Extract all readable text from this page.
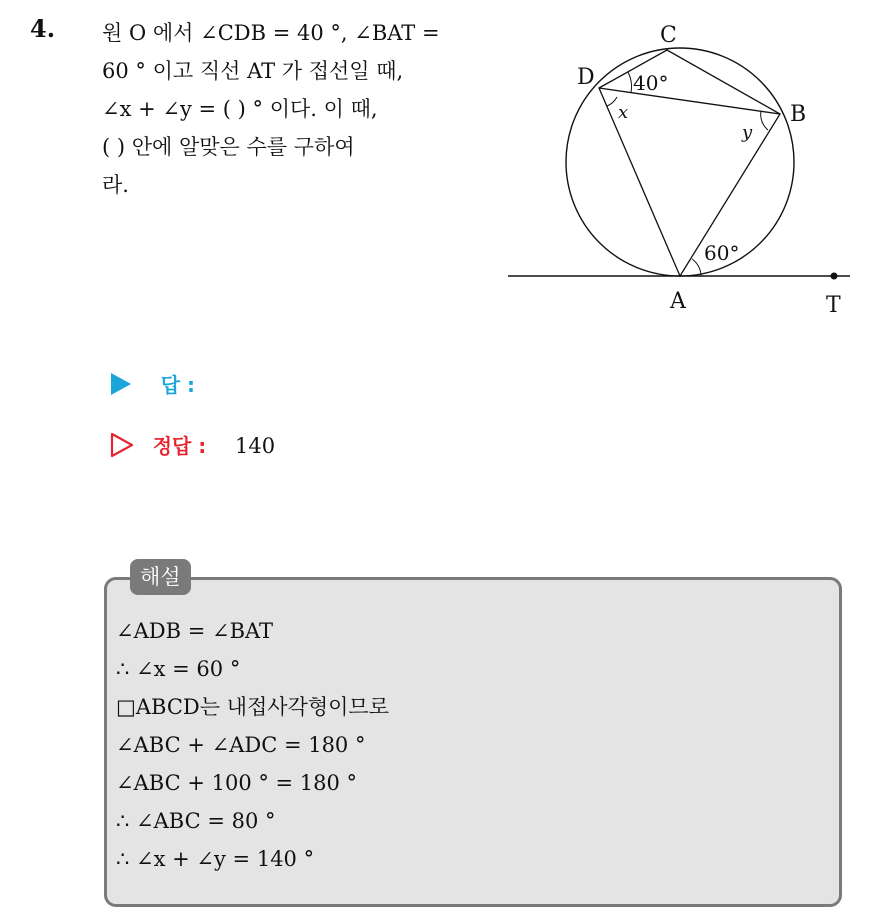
4. 원 O 에서 ∠CDB = 40 °, ∠BAT =
60 ° 이고 직선 AT 가 접선일 때,
∠x + ∠y = ( ) ° 이다. 이 때,
( ) 안에 알맞은 수를 구하여
라.
C
D
B
A	T
40°
x
y
60°
답 :
정답 : 140
해설
∠ADB = ∠BAT
∴ ∠x = 60 °
□ABCD는 내접사각형이므로
∠ABC + ∠ADC = 180 °
∠ABC + 100 ° = 180 °
∴ ∠ABC = 80 °
∴ ∠x + ∠y = 140 °
